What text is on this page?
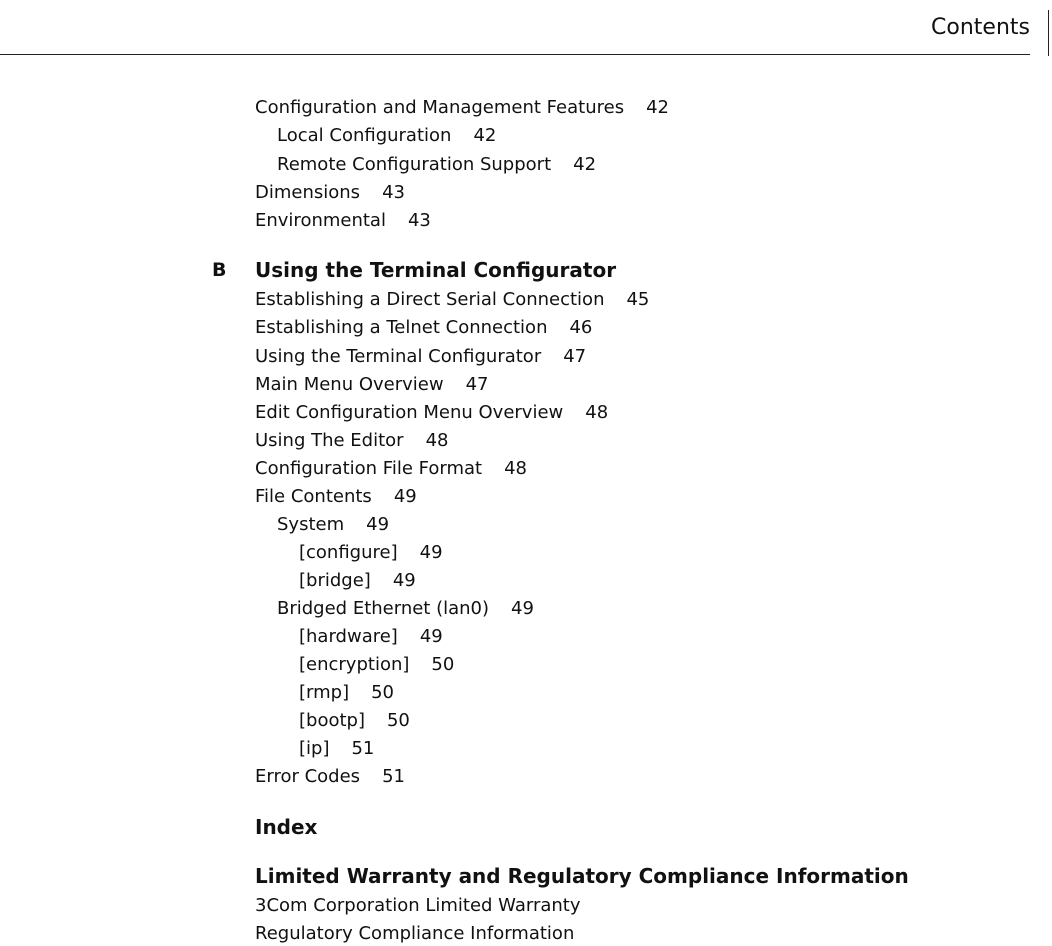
Contents
Configuration and Management Features 42
Local Configuration 42
Remote Configuration Support 42
Dimensions 43
Environmental 43
B Using the Terminal Configurator
Establishing a Direct Serial Connection 45
Establishing a Telnet Connection 46
Using the Terminal Configurator 47
Main Menu Overview 47
Edit Configuration Menu Overview 48
Using The Editor 48
Configuration File Format 48
File Contents 49
System 49
[configure] 49
[bridge] 49
Bridged Ethernet (lan0) 49
[hardware] 49
[encryption] 50
[rmp] 50
[bootp] 50
[ip] 51
Error Codes 51
Index
Limited Warranty and Regulatory Compliance Information
3Com Corporation Limited Warranty
Regulatory Compliance Information
